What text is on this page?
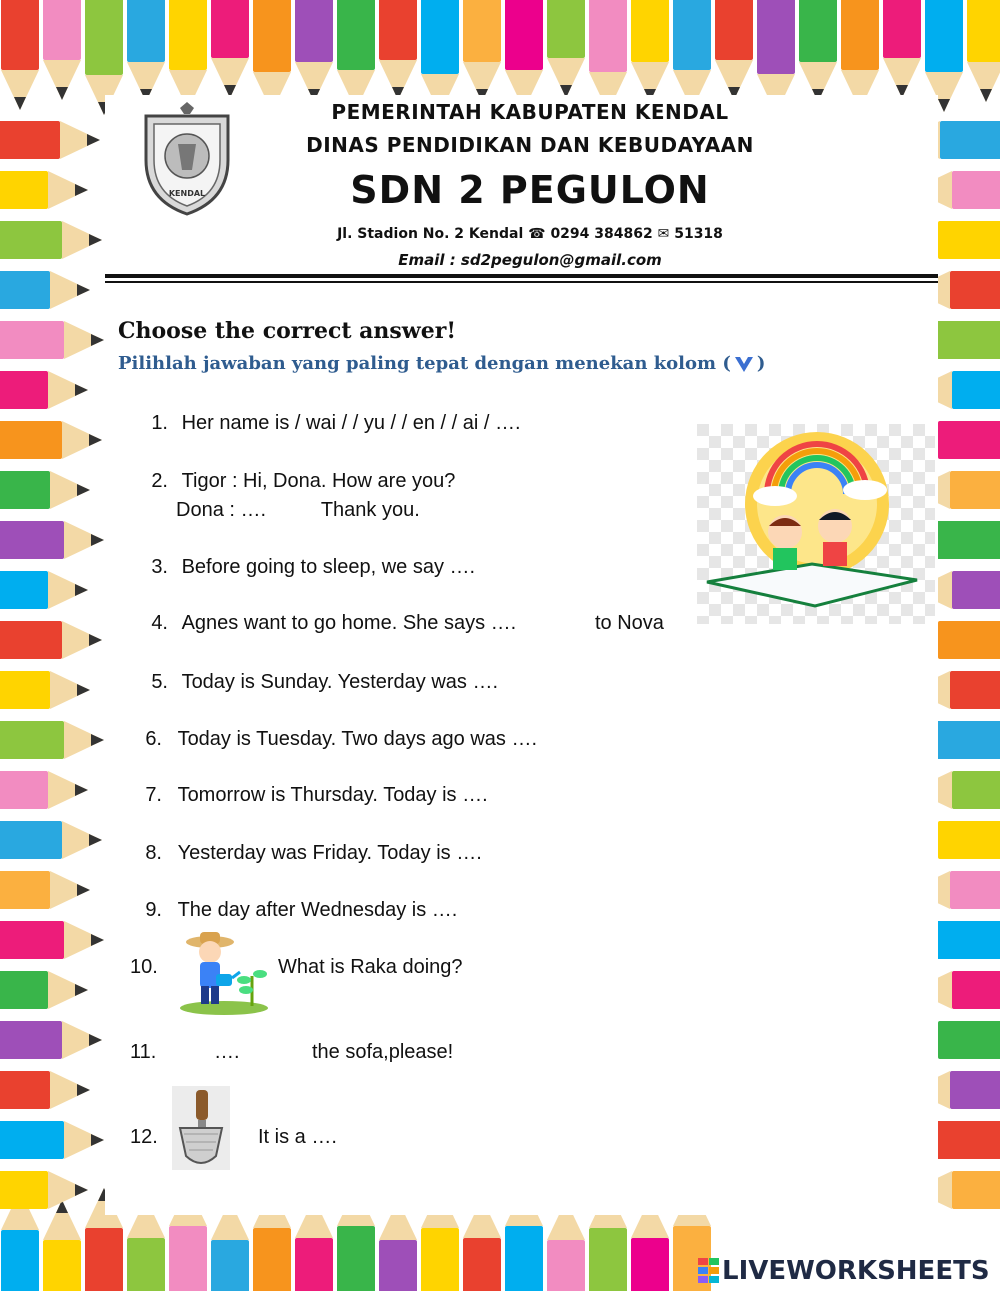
KENDAL
PEMERINTAH KABUPATEN KENDAL
DINAS PENDIDIKAN DAN KEBUDAYAAN
SDN 2 PEGULON
Jl. Stadion No. 2 Kendal ☎ 0294 384862 ✉ 51318
Email : sd2pegulon@gmail.com
Choose the correct answer!
Pilihlah jawaban yang paling tepat dengan menekan kolom ( )
1. Her name is / wai / / yu / / en / / ai / ….
2. Tigor : Hi, Dona. How are you?
Dona : ….	Thank you.
3. Before going to sleep, we say ….
4. Agnes want to go home. She says ….	to Nova
5. Today is Sunday. Yesterday was ….
6. Today is Tuesday. Two days ago was ….
7. Tomorrow is Thursday. Today is ….
8. Yesterday was Friday. Today is ….
9. The day after Wednesday is ….
10.	What is Raka doing?
11.	….	the sofa,please!
12.	It is a ….
LIVEWORKSHEETS
